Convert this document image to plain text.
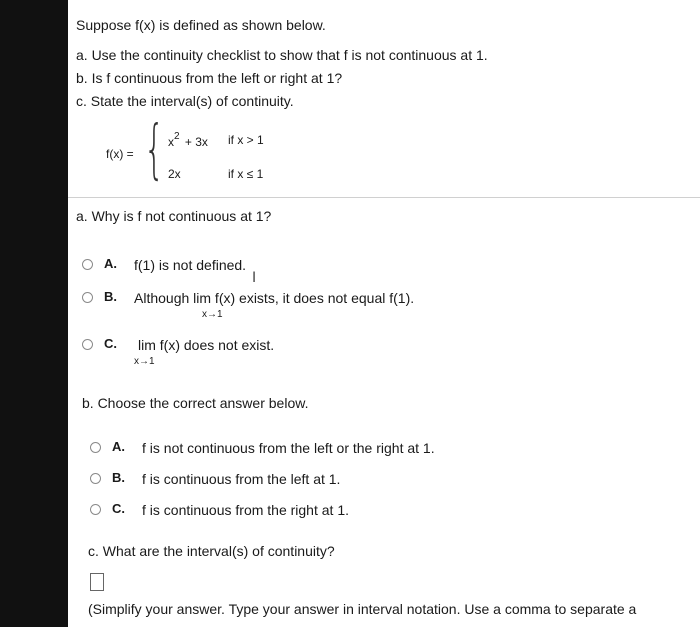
Suppose f(x) is defined as shown below.
a. Use the continuity checklist to show that f is not continuous at 1.
b. Is f continuous from the left or right at 1?
c. State the interval(s) of continuity.
f(x) = { $x^2 + 3x$ if x > 1
2x	if x ≤ 1
a. Why is f not continuous at 1?
A. f(1) is not defined.
I
B. Although lim f(x) exists, it does not equal f(1).
x→1
C. lim f(x) does not exist.
x→1
b. Choose the correct answer below.
A. f is not continuous from the left or the right at 1.
B. f is continuous from the left at 1.
C. f is continuous from the right at 1.
c. What are the interval(s) of continuity?
(Simplify your answer. Type your answer in interval notation. Use a comma to separate a
